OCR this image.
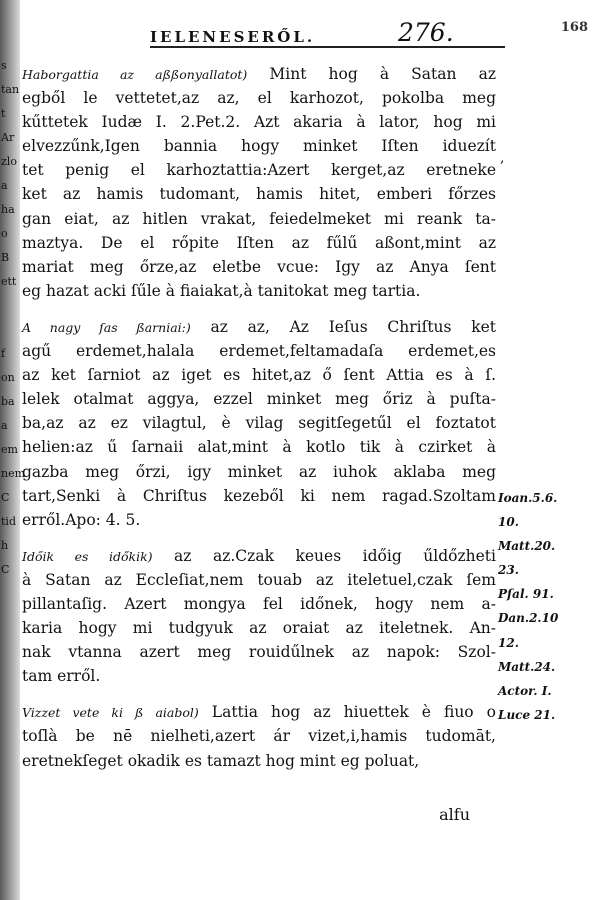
IELENESERŐL.	276.	168
,
Haborgattia az aßßonyallatot) Mint hog à Satan az
egből le vettetet,az az, el karhozot, pokolba meg
kűttetek Iudæ I. 2.Pet.2. Azt akaria à lator, hog mi
elvezzűnk,Igen bannia hogy minket Iſten iduezít
tet penig el karhoztattia:Azert kerget,az eretneke
ket az hamis tudomant, hamis hitet, emberi főrzes
gan eiat, az hitlen vrakat, feiedelmeket mi reank ta-
maztya. De el rőpite Iſten az fűlű aßont,mint az
mariat meg őrze,az eletbe vcue: Igy az Anya ſent
eg hazat acki ſűle à fiaiakat,à tanitokat meg tartia.
A nagy ſas ßarniai:) az az, Az Ieſus Chriſtus ket
agű erdemet,halala erdemet,feltamadaſa erdemet,es
az ket ſarniot az iget es hitet,az ő ſent Attia es à ſ.
lelek otalmat aggya, ezzel minket meg őriz à puſta-
ba,az az ez vilagtul, è vilag segitſegetűl el foztatot
helien:az ű ſarnaii alat,mint à kotlo tik à czirket à
gazba meg őrzi, igy minket az iuhok aklaba meg
tart,Senki à Chriſtus kezeből ki nem ragad.Szoltam
erről.Apo: 4. 5.
Időik es időkik) az az.Czak keues időig űldőzheti
à Satan az Eccleſiat,nem touab az iteletuel,czak ſem
pillantaſig. Azert mongya fel időnek, hogy nem a-
karia hogy mi tudgyuk az oraiat az iteletnek. An-
nak vtanna azert meg rouidűlnek az napok: Szol-
tam erről.
Vizzet vete ki ß aiabol) Lattia hog az hiuettek è fiuo o
toſlà be nē nielheti,azert ár vizet,i,hamis tudomāt,
eretnekſeget okadik es tamazt hog mint eg poluat,
Ioan.5.6.
10.
Matt.20.
23.
Pſal. 91.
Dan.2.10
12.
Matt.24.
Actor. I.
Luce 21.
alfu
s
tan
t
Ar
zlo
a
ha
o
B
ett
f
on
ba
a
em
nem
C
tid
h
C
